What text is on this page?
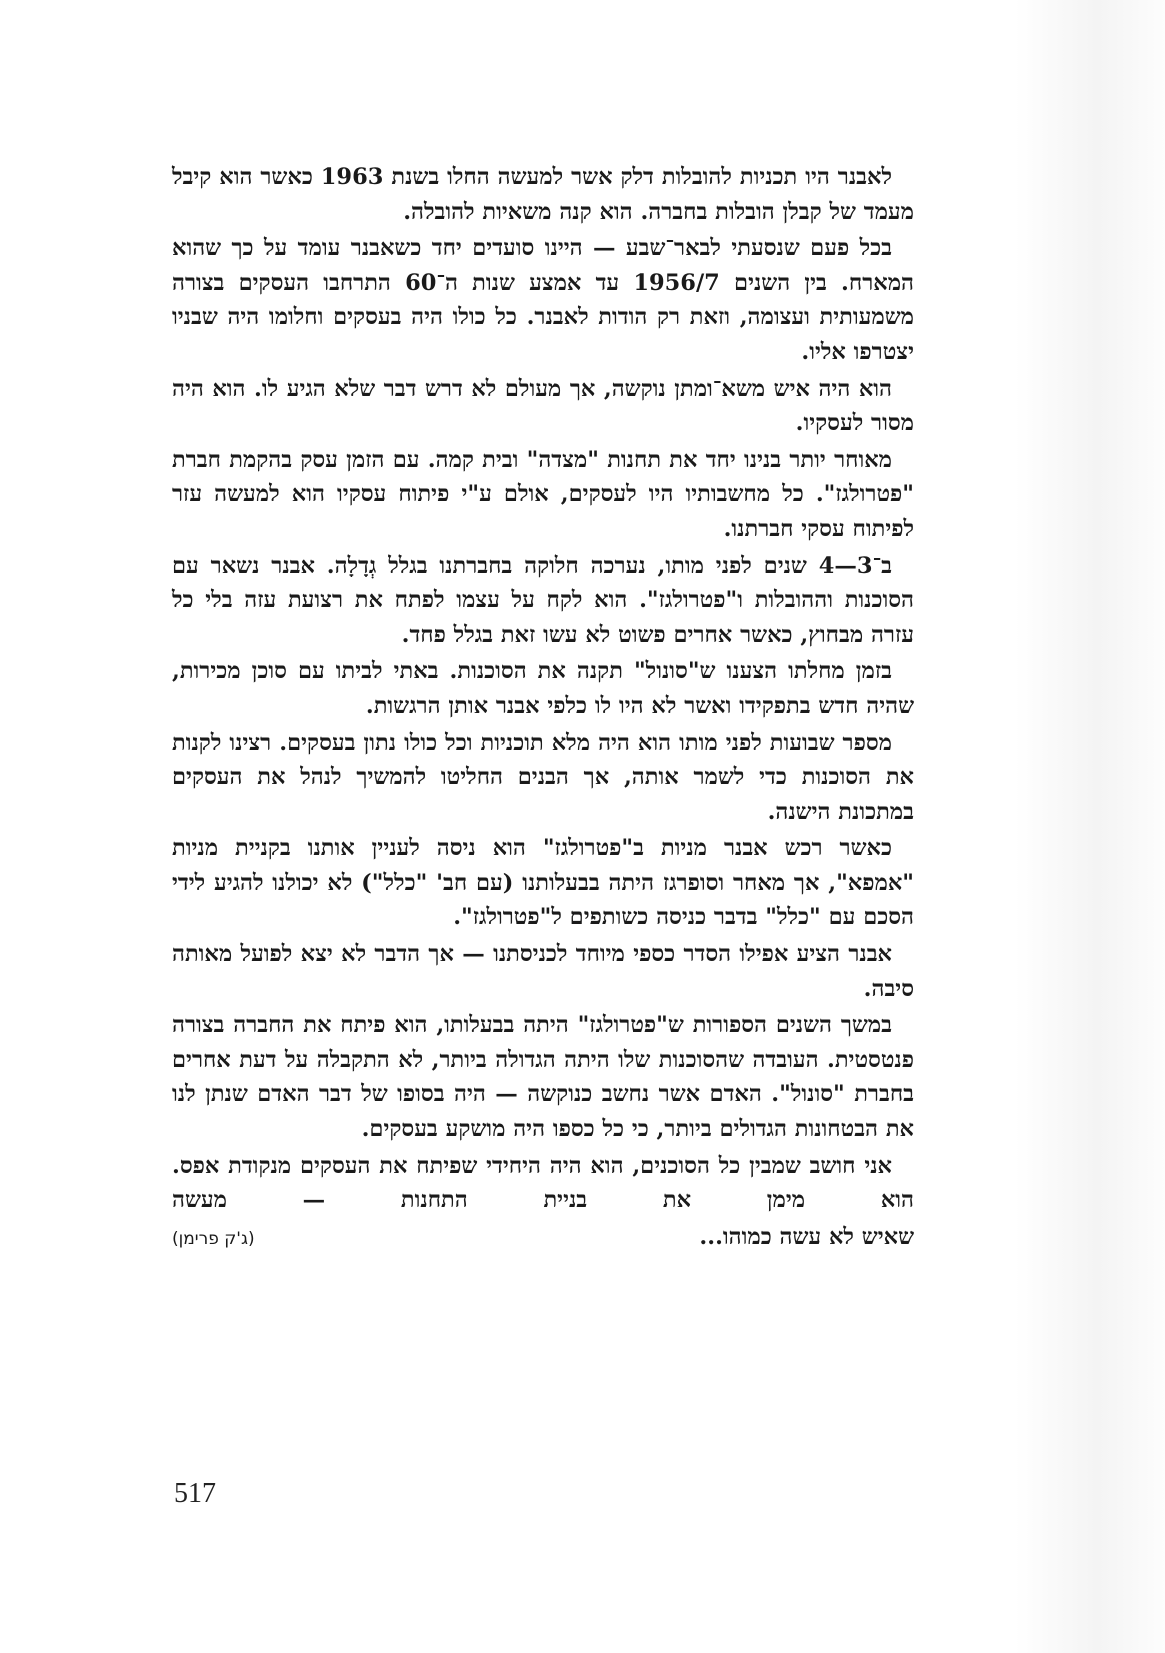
לאבנר היו תכניות להובלות דלק אשר למעשה החלו בשנת 1963 כאשר הוא קיבל מעמד של קבלן הובלות בחברה. הוא קנה משאיות להובלה.

בכל פעם שנסעתי לבאר־שבע — היינו סועדים יחד כשאבנר עומד על כך שהוא המארח. בין השנים 1956/7 עד אמצע שנות ה־60 התרחבו העסקים בצורה משמעותית ועצומה, וזאת רק הודות לאבנר. כל כולו היה בעסקים וחלומו היה שבניו יצטרפו אליו.

הוא היה איש משא־ומתן נוקשה, אך מעולם לא דרש דבר שלא הגיע לו. הוא היה מסור לעסקיו.

מאוחר יותר בנינו יחד את תחנות "מצדה" ובית קמה. עם הזמן עסק בהקמת חברת "פטרולגז". כל מחשבותיו היו לעסקים, אולם ע"י פיתוח עסקיו הוא למעשה עזר לפיתוח עסקי חברתנו.

ב־3—4 שנים לפני מותו, נערכה חלוקה בחברתנו בגלל גְדָלָה. אבנר נשאר עם הסוכנות וההובלות ו"פטרולגז". הוא לקח על עצמו לפתח את רצועת עזה בלי כל עזרה מבחוץ, כאשר אחרים פשוט לא עשו זאת בגלל פחד.

בזמן מחלתו הצענו ש"סונול" תקנה את הסוכנות. באתי לביתו עם סוכן מכירות, שהיה חדש בתפקידו ואשר לא היו לו כלפי אבנר אותן הרגשות.

מספר שבועות לפני מותו הוא היה מלא תוכניות וכל כולו נתון בעסקים. רצינו לקנות את הסוכנות כדי לשמר אותה, אך הבנים החליטו להמשיך לנהל את העסקים במתכונת הישנה.

כאשר רכש אבנר מניות ב"פטרולגז" הוא ניסה לעניין אותנו בקניית מניות "אמפא", אך מאחר וסופרגז היתה בבעלותנו (עם חב' "כלל") לא יכולנו להגיע לידי הסכם עם "כלל" בדבר כניסה כשותפים ל"פטרולגז".

אבנר הציע אפילו הסדר כספי מיוחד לכניסתנו — אך הדבר לא יצא לפועל מאותה סיבה.

במשך השנים הספורות ש"פטרולגז" היתה בבעלותו, הוא פיתח את החברה בצורה פנטסטית. העובדה שהסוכנות שלו היתה הגדולה ביותר, לא התקבלה על דעת אחרים בחברת "סונול". האדם אשר נחשב כנוקשה — היה בסופו של דבר האדם שנתן לנו את הבטחונות הגדולים ביותר, כי כל כספו היה מושקע בעסקים.

אני חושב שמבין כל הסוכנים, הוא היה היחידי שפיתח את העסקים מנקודת אפס. הוא מימן את בניית התחנות — מעשה

שאיש לא עשה כמוהו...
(ג'ק פרימן)
517
